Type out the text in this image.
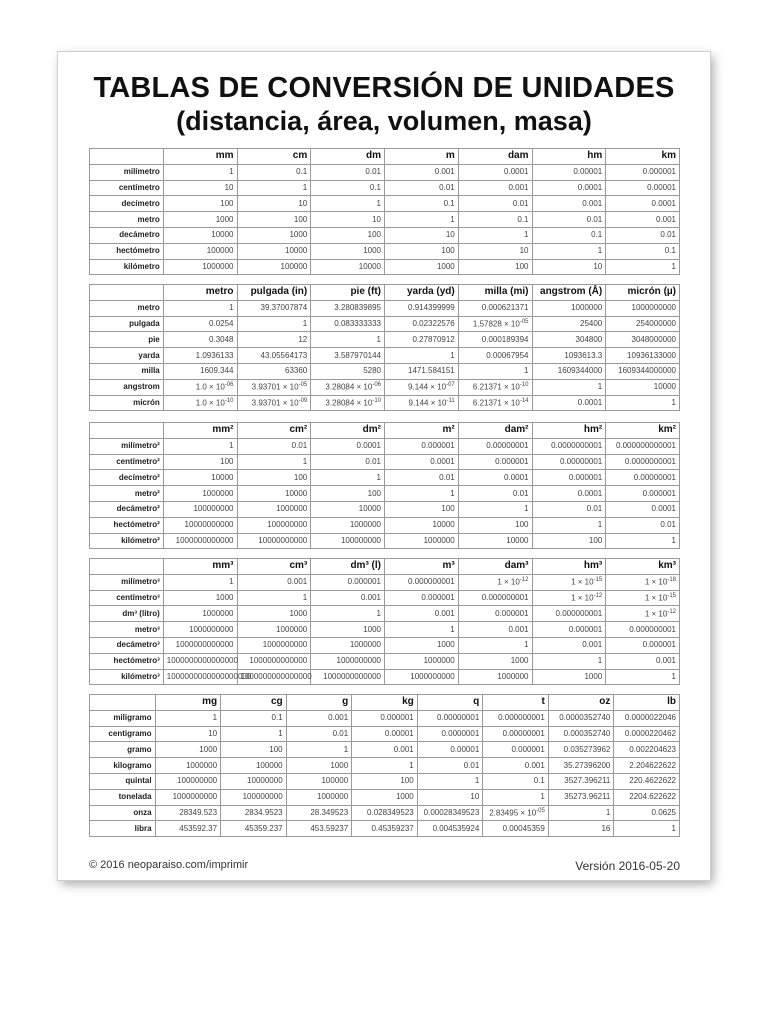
TABLAS DE CONVERSIÓN DE UNIDADES
(distancia, área, volumen, masa)
	mm	cm	dm	m	dam	hm	km
milímetro	1	0.1	0.01	0.001	0.0001	0.00001	0.000001
centímetro	10	1	0.1	0.01	0.001	0.0001	0.00001
decímetro	100	10	1	0.1	0.01	0.001	0.0001
metro	1000	100	10	1	0.1	0.01	0.001
decámetro	10000	1000	100	10	1	0.1	0.01
hectómetro	100000	10000	1000	100	10	1	0.1
kilómetro	1000000	100000	10000	1000	100	10	1
	metro	pulgada (in)	pie (ft)	yarda (yd)	milla (mi)	angstrom (Å)	micrón (µ)
metro	1	39.37007874	3.280839895	0.914399999	0.000621371	1000000	1000000000
pulgada	0.0254	1	0.083333333	0.02322576	$1.57828 \times 10^{-05}$	25400	254000000
pie	0.3048	12	1	0.27870912	0.000189394	304800	3048000000
yarda	1.0936133	43.05564173	3.587970144	1	0.00067954	1093613.3	10936133000
milla	1609.344	63360	5280	1471.584151	1	1609344000	1609344000000
angstrom	$1.0 \times 10^{-06}$	$3.93701 \times 10^{-05}$	$3.28084 \times 10^{-06}$	$9.144 \times 10^{-07}$	$6.21371 \times 10^{-10}$	1	10000
micrón	$1.0 \times 10^{-10}$	$3.93701 \times 10^{-09}$	$3.28084 \times 10^{-10}$	$9.144 \times 10^{-11}$	$6.21371 \times 10^{-14}$	0.0001	1
	mm²	cm²	dm²	m²	dam²	hm²	km²
milímetro²	1	0.01	0.0001	0.000001	0.00000001	0.0000000001	0.000000000001
centímetro²	100	1	0.01	0.0001	0.000001	0.00000001	0.0000000001
decímetro²	10000	100	1	0.01	0.0001	0.000001	0.00000001
metro²	1000000	10000	100	1	0.01	0.0001	0.000001
decámetro²	100000000	1000000	10000	100	1	0.01	0.0001
hectómetro²	10000000000	100000000	1000000	10000	100	1	0.01
kilómetro²	1000000000000	10000000000	100000000	1000000	10000	100	1
	mm³	cm³	dm³ (l)	m³	dam³	hm³	km³
milímetro³	1	0.001	0.000001	0.000000001	$1 \times 10^{-12}$	$1 \times 10^{-15}$	$1 \times 10^{-18}$
centímetro³	1000	1	0.001	0.000001	0.000000001	$1 \times 10^{-12}$	$1 \times 10^{-15}$
dm³ (litro)	1000000	1000	1	0.001	0.000001	0.000000001	$1 \times 10^{-12}$
metro³	1000000000	1000000	1000	1	0.001	0.000001	0.000000001
decámetro³	1000000000000	1000000000	1000000	1000	1	0.001	0.000001
hectómetro³	1000000000000000	1000000000000	1000000000	1000000	1000	1	0.001
kilómetro³	1000000000000000000	1000000000000000	1000000000000	1000000000	1000000	1000	1
	mg	cg	g	kg	q	t	oz	lb
miligramo	1	0.1	0.001	0.000001	0.00000001	0.000000001	0.0000352740	0.0000022046
centigramo	10	1	0.01	0.00001	0.0000001	0.00000001	0.000352740	0.0000220462
gramo	1000	100	1	0.001	0.00001	0.000001	0.035273962	0.002204623
kilogramo	1000000	100000	1000	1	0.01	0.001	35.27396200	2.204622622
quintal	100000000	10000000	100000	100	1	0.1	3527.396211	220.4622622
tonelada	1000000000	100000000	1000000	1000	10	1	35273.96211	2204.622622
onza	28349.523	2834.9523	28.349523	0.028349523	0.00028349523	$2.83495 \times 10^{-05}$	1	0.0625
libra	453592.37	45359.237	453.59237	0.45359237	0.004535924	0.00045359	16	1
© 2016 neoparaiso.com/imprimir	Versión 2016-05-20
